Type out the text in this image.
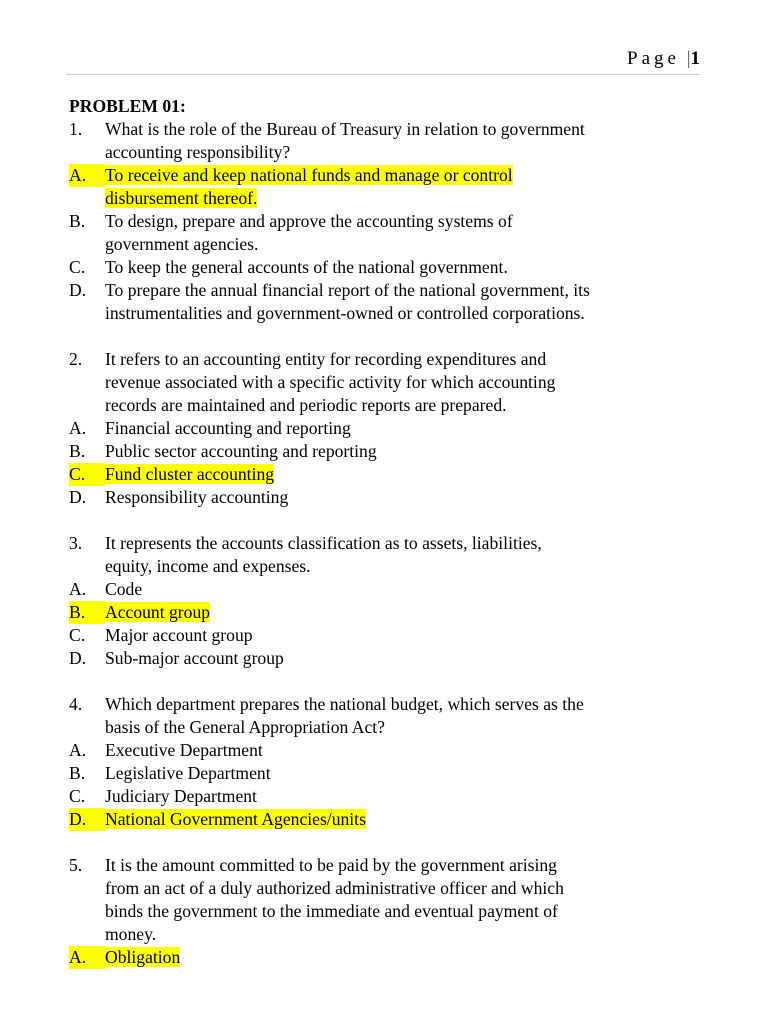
Page |1
PROBLEM 01:
1.	What is the role of the Bureau of Treasury in relation to government
accounting responsibility?
A.	To receive and keep national funds and manage or control
disbursement thereof.
B.	To design, prepare and approve the accounting systems of
government agencies.
C.	To keep the general accounts of the national government.
D.	To prepare the annual financial report of the national government, its
instrumentalities and government-owned or controlled corporations.
2.	It refers to an accounting entity for recording expenditures and
revenue associated with a specific activity for which accounting
records are maintained and periodic reports are prepared.
A.	Financial accounting and reporting
B.	Public sector accounting and reporting
C.	Fund cluster accounting
D.	Responsibility accounting
3.	It represents the accounts classification as to assets, liabilities,
equity, income and expenses.
A.	Code
B.	Account group
C.	Major account group
D.	Sub-major account group
4.	Which department prepares the national budget, which serves as the
basis of the General Appropriation Act?
A.	Executive Department
B.	Legislative Department
C.	Judiciary Department
D.	National Government Agencies/units
5.	It is the amount committed to be paid by the government arising
from an act of a duly authorized administrative officer and which
binds the government to the immediate and eventual payment of
money.
A.	Obligation
